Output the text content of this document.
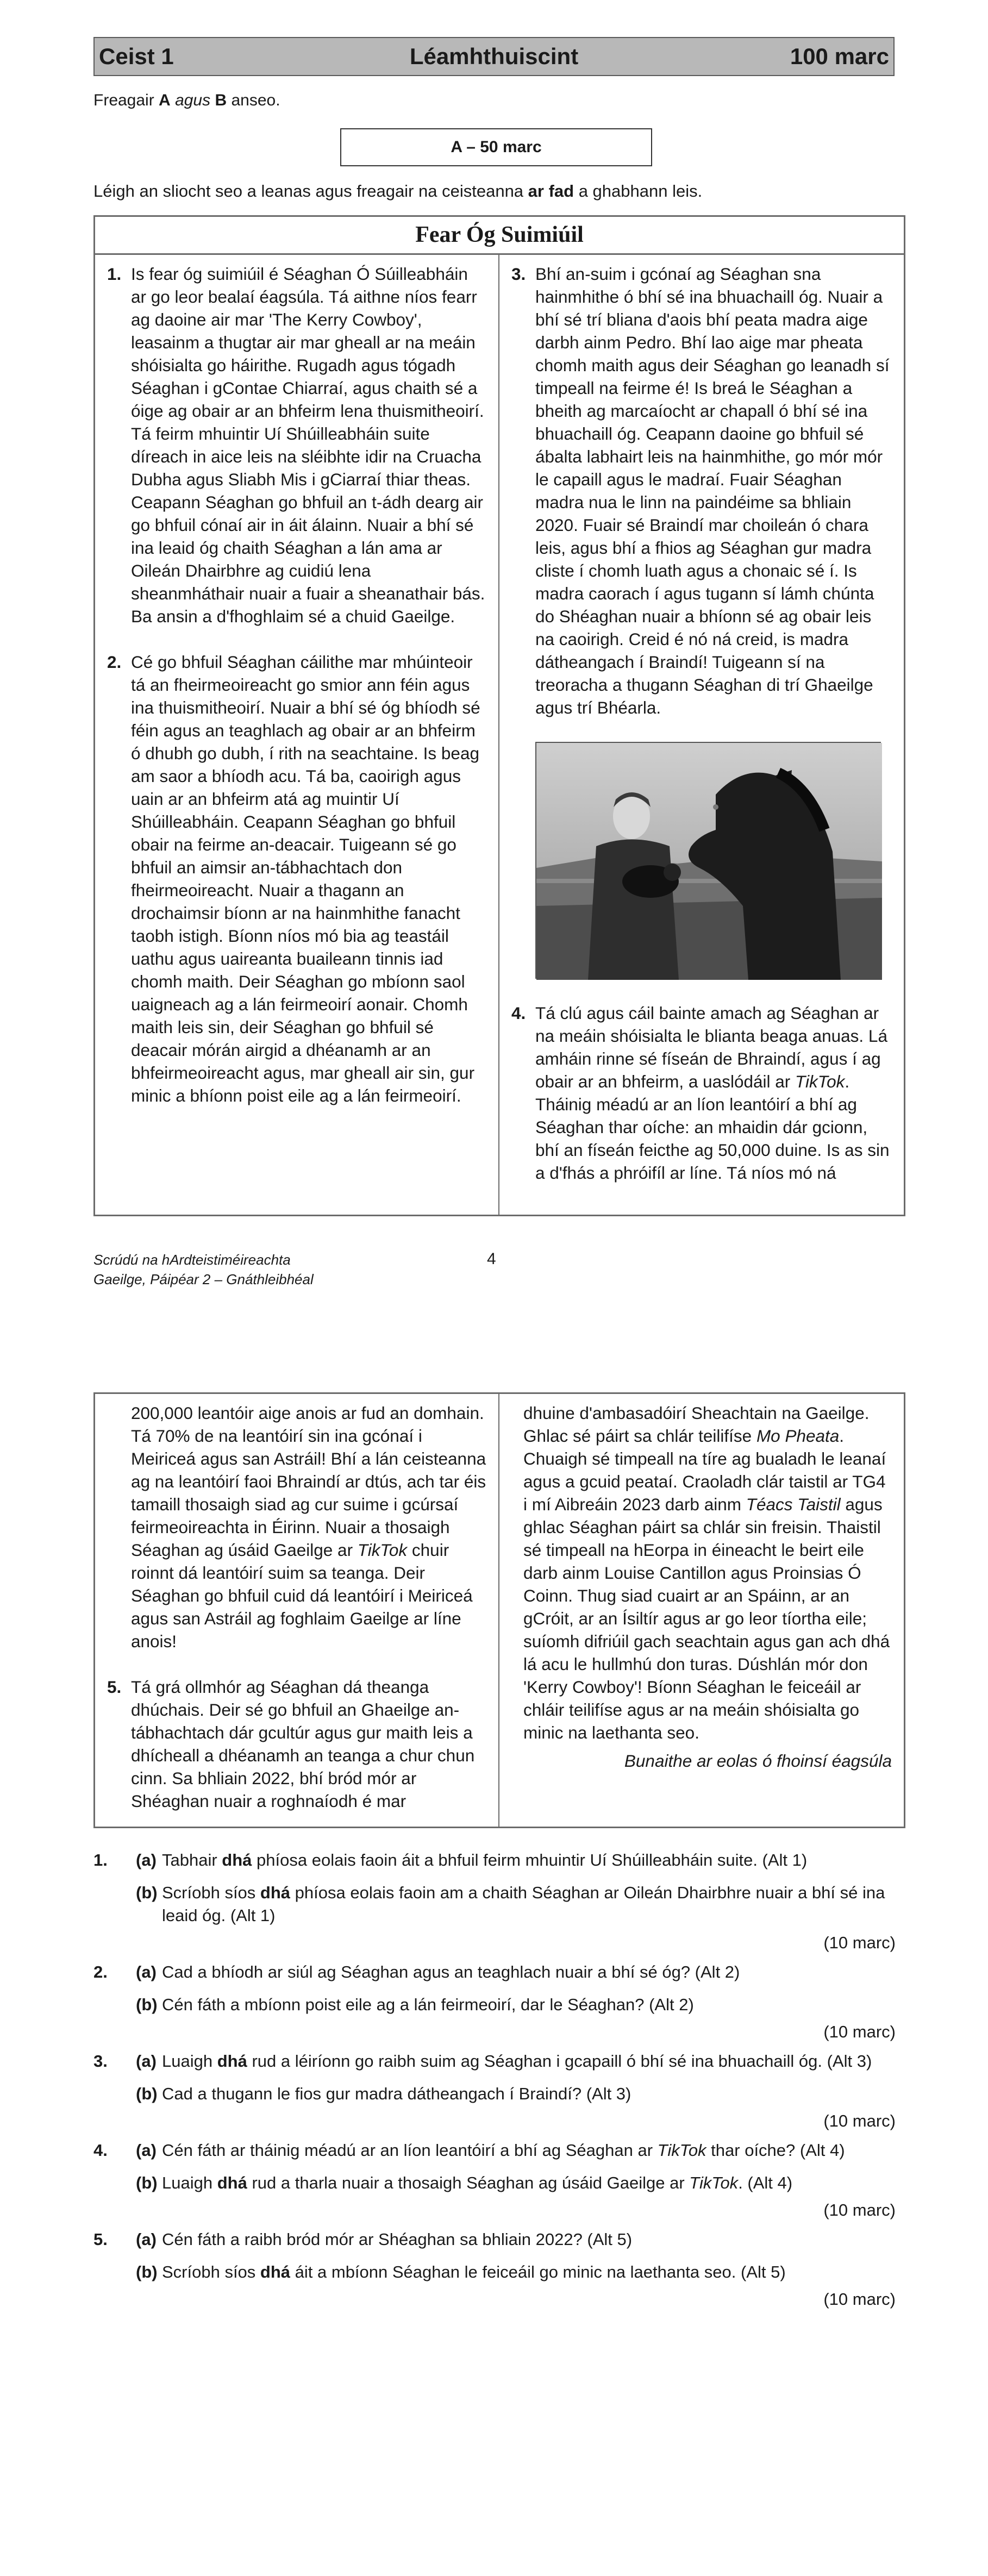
Ceist 1	Léamhthuiscint	100 marc
Freagair A agus B anseo.
A – 50 marc
Léigh an sliocht seo a leanas agus freagair na ceisteanna ar fad a ghabhann leis.
Fear Óg Suimiúil
1. Is fear óg suimiúil é Séaghan Ó Súilleabháin ar go leor bealaí éagsúla. Tá aithne níos fearr ag daoine air mar 'The Kerry Cowboy', leasainm a thugtar air mar gheall ar na meáin shóisialta go háirithe. Rugadh agus tógadh Séaghan i gContae Chiarraí, agus chaith sé a óige ag obair ar an bhfeirm lena thuismitheoirí. Tá feirm mhuintir Uí Shúilleabháin suite díreach in aice leis na sléibhte idir na Cruacha Dubha agus Sliabh Mis i gCiarraí thiar theas. Ceapann Séaghan go bhfuil an t-ádh dearg air go bhfuil cónaí air in áit álainn. Nuair a bhí sé ina leaid óg chaith Séaghan a lán ama ar Oileán Dhairbhre ag cuidiú lena sheanmháthair nuair a fuair a sheanathair bás. Ba ansin a d'fhoghlaim sé a chuid Gaeilge.
2. Cé go bhfuil Séaghan cáilithe mar mhúinteoir tá an fheirmeoireacht go smior ann féin agus ina thuismitheoirí. Nuair a bhí sé óg bhíodh sé féin agus an teaghlach ag obair ar an bhfeirm ó dhubh go dubh, í rith na seachtaine. Is beag am saor a bhíodh acu. Tá ba, caoirigh agus uain ar an bhfeirm atá ag muintir Uí Shúilleabháin. Ceapann Séaghan go bhfuil obair na feirme an-deacair. Tuigeann sé go bhfuil an aimsir an-tábhachtach don fheirmeoireacht. Nuair a thagann an drochaimsir bíonn ar na hainmhithe fanacht taobh istigh. Bíonn níos mó bia ag teastáil uathu agus uaireanta buaileann tinnis iad chomh maith. Deir Séaghan go mbíonn saol uaigneach ag a lán feirmeoirí aonair. Chomh maith leis sin, deir Séaghan go bhfuil sé deacair mórán airgid a dhéanamh ar an bhfeirmeoireacht agus, mar gheall air sin, gur minic a bhíonn poist eile ag a lán feirmeoirí.
3. Bhí an-suim i gcónaí ag Séaghan sna hainmhithe ó bhí sé ina bhuachaill óg. Nuair a bhí sé trí bliana d'aois bhí peata madra aige darbh ainm Pedro. Bhí lao aige mar pheata chomh maith agus deir Séaghan go leanadh sí timpeall na feirme é! Is breá le Séaghan a bheith ag marcaíocht ar chapall ó bhí sé ina bhuachaill óg. Ceapann daoine go bhfuil sé ábalta labhairt leis na hainmhithe, go mór mór le capaill agus le madraí. Fuair Séaghan madra nua le linn na paindéime sa bhliain 2020. Fuair sé Braindí mar choileán ó chara leis, agus bhí a fhios ag Séaghan gur madra cliste í chomh luath agus a chonaic sé í. Is madra caorach í agus tugann sí lámh chúnta do Shéaghan nuair a bhíonn sé ag obair leis na caoirigh. Creid é nó ná creid, is madra dátheangach í Braindí! Tuigeann sí na treoracha a thugann Séaghan di trí Ghaeilge agus trí Bhéarla.
4. Tá clú agus cáil bainte amach ag Séaghan ar na meáin shóisialta le blianta beaga anuas. Lá amháin rinne sé físeán de Bhraindí, agus í ag obair ar an bhfeirm, a uaslódáil ar TikTok. Tháinig méadú ar an líon leantóirí a bhí ag Séaghan thar oíche: an mhaidin dár gcionn, bhí an físeán feicthe ag 50,000 duine. Is as sin a d'fhás a phróifíl ar líne. Tá níos mó ná
Scrúdú na hArdteistiméireachta
Gaeilge, Páipéar 2 – Gnáthleibhéal
4
200,000 leantóir aige anois ar fud an domhain. Tá 70% de na leantóirí sin ina gcónaí i Meiriceá agus san Astráil! Bhí a lán ceisteanna ag na leantóirí faoi Bhraindí ar dtús, ach tar éis tamaill thosaigh siad ag cur suime i gcúrsaí feirmeoireachta in Éirinn. Nuair a thosaigh Séaghan ag úsáid Gaeilge ar TikTok chuir roinnt dá leantóirí suim sa teanga. Deir Séaghan go bhfuil cuid dá leantóirí i Meiriceá agus san Astráil ag foghlaim Gaeilge ar líne anois!
5. Tá grá ollmhór ag Séaghan dá theanga dhúchais. Deir sé go bhfuil an Ghaeilge an-tábhachtach dár gcultúr agus gur maith leis a dhícheall a dhéanamh an teanga a chur chun cinn. Sa bhliain 2022, bhí bród mór ar Shéaghan nuair a roghnaíodh é mar
dhuine d'ambasadóirí Sheachtain na Gaeilge. Ghlac sé páirt sa chlár teilifíse Mo Pheata. Chuaigh sé timpeall na tíre ag bualadh le leanaí agus a gcuid peataí. Craoladh clár taistil ar TG4 i mí Aibreáin 2023 darb ainm Téacs Taistil agus ghlac Séaghan páirt sa chlár sin freisin. Thaistil sé timpeall na hEorpa in éineacht le beirt eile darb ainm Louise Cantillon agus Proinsias Ó Coinn. Thug siad cuairt ar an Spáinn, ar an gCróit, ar an Ísiltír agus ar go leor tíortha eile; suíomh difriúil gach seachtain agus gan ach dhá lá acu le hullmhú don turas. Dúshlán mór don 'Kerry Cowboy'! Bíonn Séaghan le feiceáil ar chláir teilifíse agus ar na meáin shóisialta go minic na laethanta seo.
Bunaithe ar eolas ó fhoinsí éagsúla
1.	(a) Tabhair dhá phíosa eolais faoin áit a bhfuil feirm mhuintir Uí Shúilleabháin suite. (Alt 1)
(b) Scríobh síos dhá phíosa eolais faoin am a chaith Séaghan ar Oileán Dhairbhre nuair a bhí sé ina leaid óg. (Alt 1)
(10 marc)
2.	(a) Cad a bhíodh ar siúl ag Séaghan agus an teaghlach nuair a bhí sé óg? (Alt 2)
(b) Cén fáth a mbíonn poist eile ag a lán feirmeoirí, dar le Séaghan? (Alt 2)
(10 marc)
3.	(a) Luaigh dhá rud a léiríonn go raibh suim ag Séaghan i gcapaill ó bhí sé ina bhuachaill óg. (Alt 3)
(b) Cad a thugann le fios gur madra dátheangach í Braindí? (Alt 3)
(10 marc)
4.	(a) Cén fáth ar tháinig méadú ar an líon leantóirí a bhí ag Séaghan ar TikTok thar oíche? (Alt 4)
(b) Luaigh dhá rud a tharla nuair a thosaigh Séaghan ag úsáid Gaeilge ar TikTok. (Alt 4)
(10 marc)
5.	(a) Cén fáth a raibh bród mór ar Shéaghan sa bhliain 2022? (Alt 5)
(b) Scríobh síos dhá áit a mbíonn Séaghan le feiceáil go minic na laethanta seo. (Alt 5)
(10 marc)
